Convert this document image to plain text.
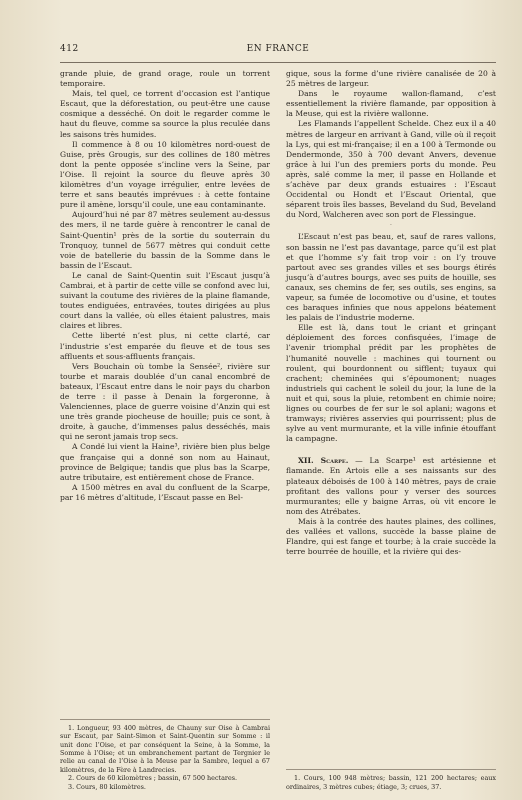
412	EN FRANCE

grande pluie, de grand orage, roule un torrent temporaire.

Mais, tel quel, ce torrent d’occasion est l’antique Escaut, que la déforestation, ou peut-être une cause cosmique a desséché. On doit le regarder comme le haut du fleuve, comme sa source la plus reculée dans les saisons très humides.

Il commence à 8 ou 10 kilomètres nord-ouest de Guise, près Grougis, sur des collines de 180 mètres dont la pente opposée s’incline vers la Seine, par l’Oise. Il rejoint la source du fleuve après 30 kilomètres d’un voyage irrégulier, entre levées de terre et sans beautés imprévues : à cette fontaine pure il amène, lorsqu’il coule, une eau contaminante.

Aujourd’hui né par 87 mètres seulement au-dessus des mers, il ne tarde guère à rencontrer le canal de Saint-Quentin¹ près de la sortie du souterrain du Tronquoy, tunnel de 5677 mètres qui conduit cette voie de batellerie du bassin de la Somme dans le bassin de l’Escaut.

Le canal de Saint-Quentin suit l’Escaut jusqu’à Cambrai, et à partir de cette ville se confond avec lui, suivant la coutume des rivières de la plaine flamande, toutes endiguées, entravées, toutes dirigées au plus court dans la vallée, où elles étaient palustres, mais claires et libres.

Cette liberté n’est plus, ni cette clarté, car l’industrie s’est emparée du fleuve et de tous ses affluents et sous-affluents français.

Vers Bouchain où tombe la Sensée², rivière sur tourbe et marais doublée d’un canal encombré de bateaux, l’Escaut entre dans le noir pays du charbon de terre : il passe à Denain la forgeronne, à Valenciennes, place de guerre voisine d’Anzin qui est une très grande piocheuse de houille; puis ce sont, à droite, à gauche, d’immenses palus desséchés, mais qui ne seront jamais trop secs.

A Condé lui vient la Haine³, rivière bien plus belge que française qui a donné son nom au Hainaut, province de Belgique; tandis que plus bas la Scarpe, autre tributaire, est entièrement chose de France.

A 1500 mètres en aval du confluent de la Scarpe, par 16 mètres d’altitude, l’Escaut passe en Bel-

1. Longueur, 93 400 mètres, de Chauny sur Oise à Cambrai sur Escaut, par Saint-Simon et Saint-Quentin sur Somme : il unit donc l’Oise, et par conséquent la Seine, à la Somme, la Somme à l’Oise; et un embranchement partant de Tergnier le relie au canal de l’Oise à la Meuse par la Sambre, lequel a 67 kilomètres, de la Fère à Landrecies.

2. Cours de 60 kilomètres ; bassin, 67 500 hectares.

3. Cours, 80 kilomètres.

gique, sous la forme d’une rivière canalisée de 20 à 25 mètres de largeur.

Dans le royaume wallon-flamand, c’est essentiellement la rivière flamande, par opposition à la Meuse, qui est la rivière wallonne.

Les Flamands l’appellent Schelde. Chez eux il a 40 mètres de largeur en arrivant à Gand, ville où il reçoit la Lys, qui est mi-française; il en a 100 à Termonde ou Dendermonde, 350 à 700 devant Anvers, devenue grâce à lui l’un des premiers ports du monde. Peu après, salé comme la mer, il passe en Hollande et s’achève par deux grands estuaires : l’Escaut Occidental ou Hondt et l’Escaut Oriental, que séparent trois îles basses, Beveland du Sud, Beveland du Nord, Walcheren avec son port de Flessingue.

·

L’Escaut n’est pas beau, et, sauf de rares vallons, son bassin ne l’est pas davantage, parce qu’il est plat et que l’homme s’y fait trop voir : on l’y trouve partout avec ses grandes villes et ses bourgs étirés jusqu’à d’autres bourgs, avec ses puits de houille, ses canaux, ses chemins de fer, ses outils, ses engins, sa vapeur, sa fumée de locomotive ou d’usine, et toutes ces baraques infinies que nous appelons béatement les palais de l’industrie moderne.

Elle est là, dans tout le criant et grinçant déploiement des forces confisquées, l’image de l’avenir triomphal prédit par les prophètes de l’humanité nouvelle : machines qui tournent ou roulent, qui bourdonnent ou sifflent; tuyaux qui crachent; cheminées qui s’époumonent; nuages industriels qui cachent le soleil du jour, la lune de la nuit et qui, sous la pluie, retombent en chimie noire; lignes ou courbes de fer sur le sol aplani; wagons et tramways; rivières asservies qui pourrissent; plus de sylve au vent murmurante, et la ville infinie étouffant la campagne.

XII. Scarpe. — La Scarpe¹ est artésienne et flamande. En Artois elle a ses naissants sur des plateaux déboisés de 100 à 140 mètres, pays de craie profitant des vallons pour y verser des sources murmurantes; elle y baigne Arras, où vit encore le nom des Atrébates.

Mais à la contrée des hautes plaines, des collines, des vallées et vallons, succède la basse plaine de Flandre, qui est fange et tourbe; à la craie succède la terre bourrée de houille, et la rivière qui des-

1. Cours, 100 948 mètres; bassin, 121 200 hectares; eaux ordinaires, 3 mètres cubes; étiage, 3; crues, 37.
